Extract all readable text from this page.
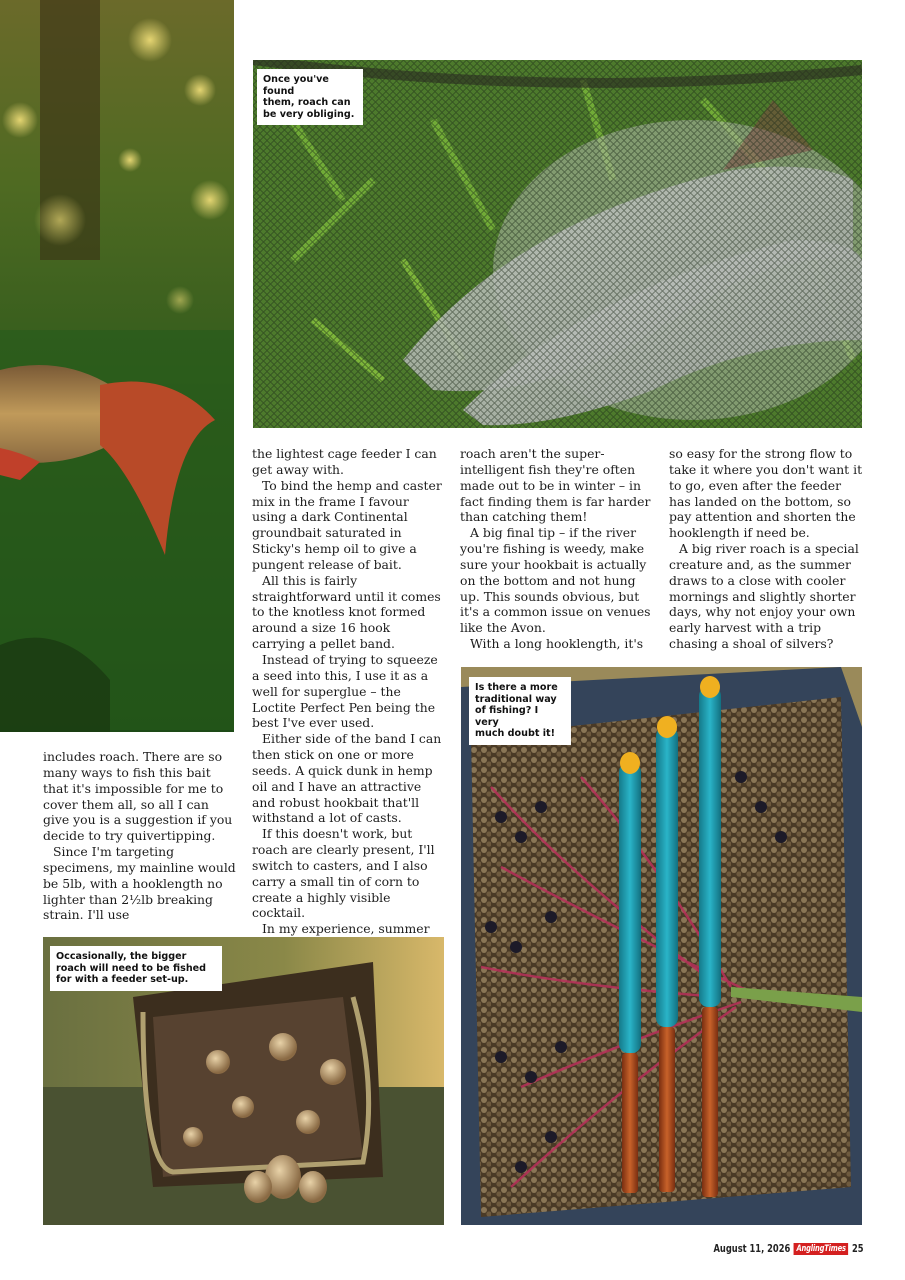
Once you've found
them, roach can
be very obliging.
Occasionally, the bigger
roach will need to be fished
for with a feeder set-up.
Is there a more
traditional way
of fishing? I very
much doubt it!

includes roach. There are so many ways to fish this bait that it's impossible for me to cover them all, so all I can give you is a suggestion if you decide to try quivertipping.

Since I'm targeting specimens, my mainline would be 5lb, with a hooklength no lighter than 2½lb breaking strain. I'll use

the lightest cage feeder I can get away with.

To bind the hemp and caster mix in the frame I favour using a dark Continental groundbait saturated in Sticky's hemp oil to give a pungent release of bait.

All this is fairly straightforward until it comes to the knotless knot formed around a size 16 hook carrying a pellet band.

Instead of trying to squeeze a seed into this, I use it as a well for superglue – the Loctite Perfect Pen being the best I've ever used.

Either side of the band I can then stick on one or more seeds. A quick dunk in hemp oil and I have an attractive and robust hookbait that'll withstand a lot of casts.

If this doesn't work, but roach are clearly present, I'll switch to casters, and I also carry a small tin of corn to create a highly visible cocktail.

In my experience, summer

roach aren't the super-intelligent fish they're often made out to be in winter – in fact finding them is far harder than catching them!

A big final tip – if the river you're fishing is weedy, make sure your hookbait is actually on the bottom and not hung up. This sounds obvious, but it's a common issue on venues like the Avon.

With a long hooklength, it's

so easy for the strong flow to take it where you don't want it to go, even after the feeder has landed on the bottom, so pay attention and shorten the hooklength if need be.

A big river roach is a special creature and, as the summer draws to a close with cooler mornings and slightly shorter days, why not enjoy your own early harvest with a trip chasing a shoal of silvers?

August 11, 2026 AnglingTimes 25
